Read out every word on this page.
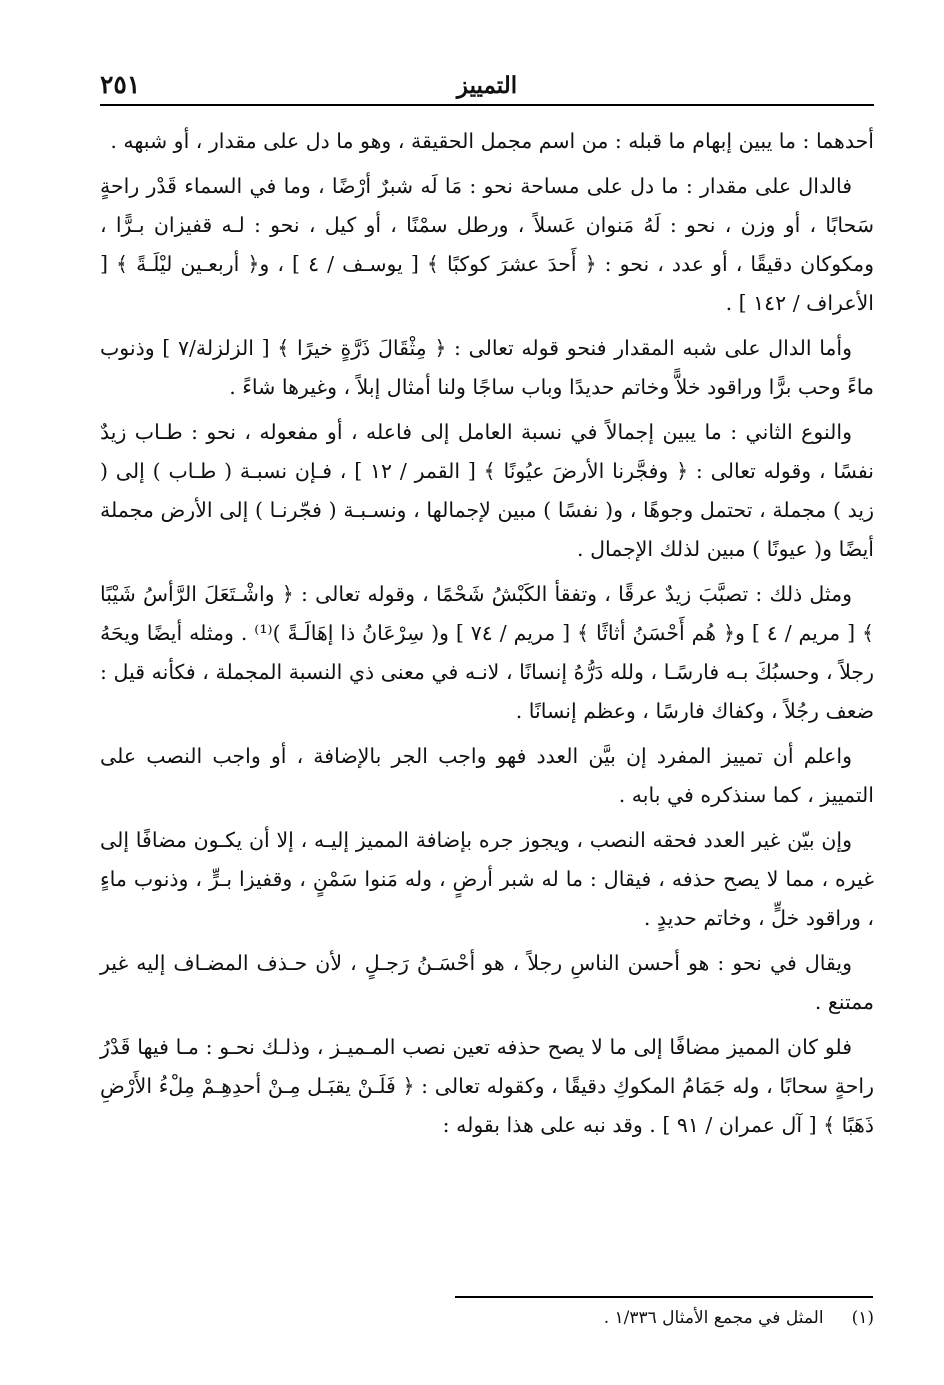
التمييز
٢٥١

أحدهما : ما يبين إبهام ما قبله : من اسم مجمل الحقيقة ، وهو ما دل على مقدار ، أو شبهه .

فالدال على مقدار : ما دل على مساحة نحو : مَا لَه شبرٌ أرْضًا ، وما في السماء قَدْر راحةٍ سَحابًا ، أو وزن ، نحو : لَهُ مَنوان عَسلاً ، ورطل سمْنًا ، أو كيل ، نحو : لـه قفيزان بـرًّا ، ومكوكان دقيقًا ، أو عدد ، نحو : ﴿ أَحدَ عشرَ كوكبًا ﴾ [ يوسـف / ٤ ] ، و﴿ أربعـين ليْلَـةً ﴾ [ الأعراف / ١٤٢ ] .

وأما الدال على شبه المقدار فنحو قوله تعالى : ﴿ مِثْقَالَ ذَرَّةٍ خيرًا ﴾ [ الزلزلة/٧ ] وذنوب ماءً وحب برًّا وراقود خلاًّ وخاتم حديدًا وباب ساجًا ولنا أمثال إبلاً ، وغيرها شاءً .

والنوع الثاني : ما يبين إجمالاً في نسبة العامل إلى فاعله ، أو مفعوله ، نحو : طـاب زيدٌ نفسًا ، وقوله تعالى : ﴿ وفجَّرنا الأرضَ عيُونًا ﴾ [ القمر / ١٢ ] ، فـإن نسبـة ( طـاب ) إلى ( زيد ) مجملة ، تحتمل وجوهًا ، و( نفسًا ) مبين لإجمالها ، ونسـبـة ( فجّرنـا ) إلى الأرض مجملة أيضًا و( عيونًا ) مبين لذلك الإجمال .

ومثل ذلك : تصبَّبَ زيدٌ عرقًا ، وتفقأ الكَبْشُ شَحْمًا ، وقوله تعالى : ﴿ واشْـتَعَلَ الرَّأسُ شَيْبًا ﴾ [ مريم / ٤ ] و﴿ هُم أَحْسَنُ أثاثًا ﴾ [ مريم / ٧٤ ] و( سِرْعَانُ ذا إهَالَـةً )⁽¹⁾ . ومثله أيضًا ويحَهُ رجلاً ، وحسبُكَ بـه فارسًـا ، ولله دَرُّهُ إنسانًا ، لانـه في معنى ذي النسبة المجملة ، فكأنه قيل : ضعف رجُلاً ، وكفاك فارسًا ، وعظم إنسانًا .

واعلم أن تمييز المفرد إن بيَّن العدد فهو واجب الجر بالإضافة ، أو واجب النصب على التمييز ، كما سنذكره في بابه .

وإن بيّن غير العدد فحقه النصب ، ويجوز جره بإضافة المميز إليـه ، إلا أن يكـون مضافًا إلى غيره ، مما لا يصح حذفه ، فيقال : ما له شبر أرضٍ ، وله مَنوا سَمْنٍ ، وقفيزا بـرٍّ ، وذنوب ماءٍ ، وراقود خلٍّ ، وخاتم حديدٍ .

ويقال في نحو : هو أحسن الناسِ رجلاً ، هو أحْسَـنُ رَجـلٍ ، لأن حـذف المضـاف إليه غير ممتنع .

فلو كان المميز مضافًا إلى ما لا يصح حذفه تعين نصب المـميـز ، وذلـك نحـو : مـا فيها قَدْرُ راحةٍ سحابًا ، وله جَمَامُ المكوكِ دقيقًا ، وكقوله تعالى : ﴿ فَلَـنْ يقبَـل مِـنْ أحدِهِـمْ مِلْءُ الأَرْضِ ذَهَبًا ﴾ [ آل عمران / ٩١ ] . وقد نبه على هذا بقوله :

(١)المثل في مجمع الأمثال ١/٣٣٦ .
